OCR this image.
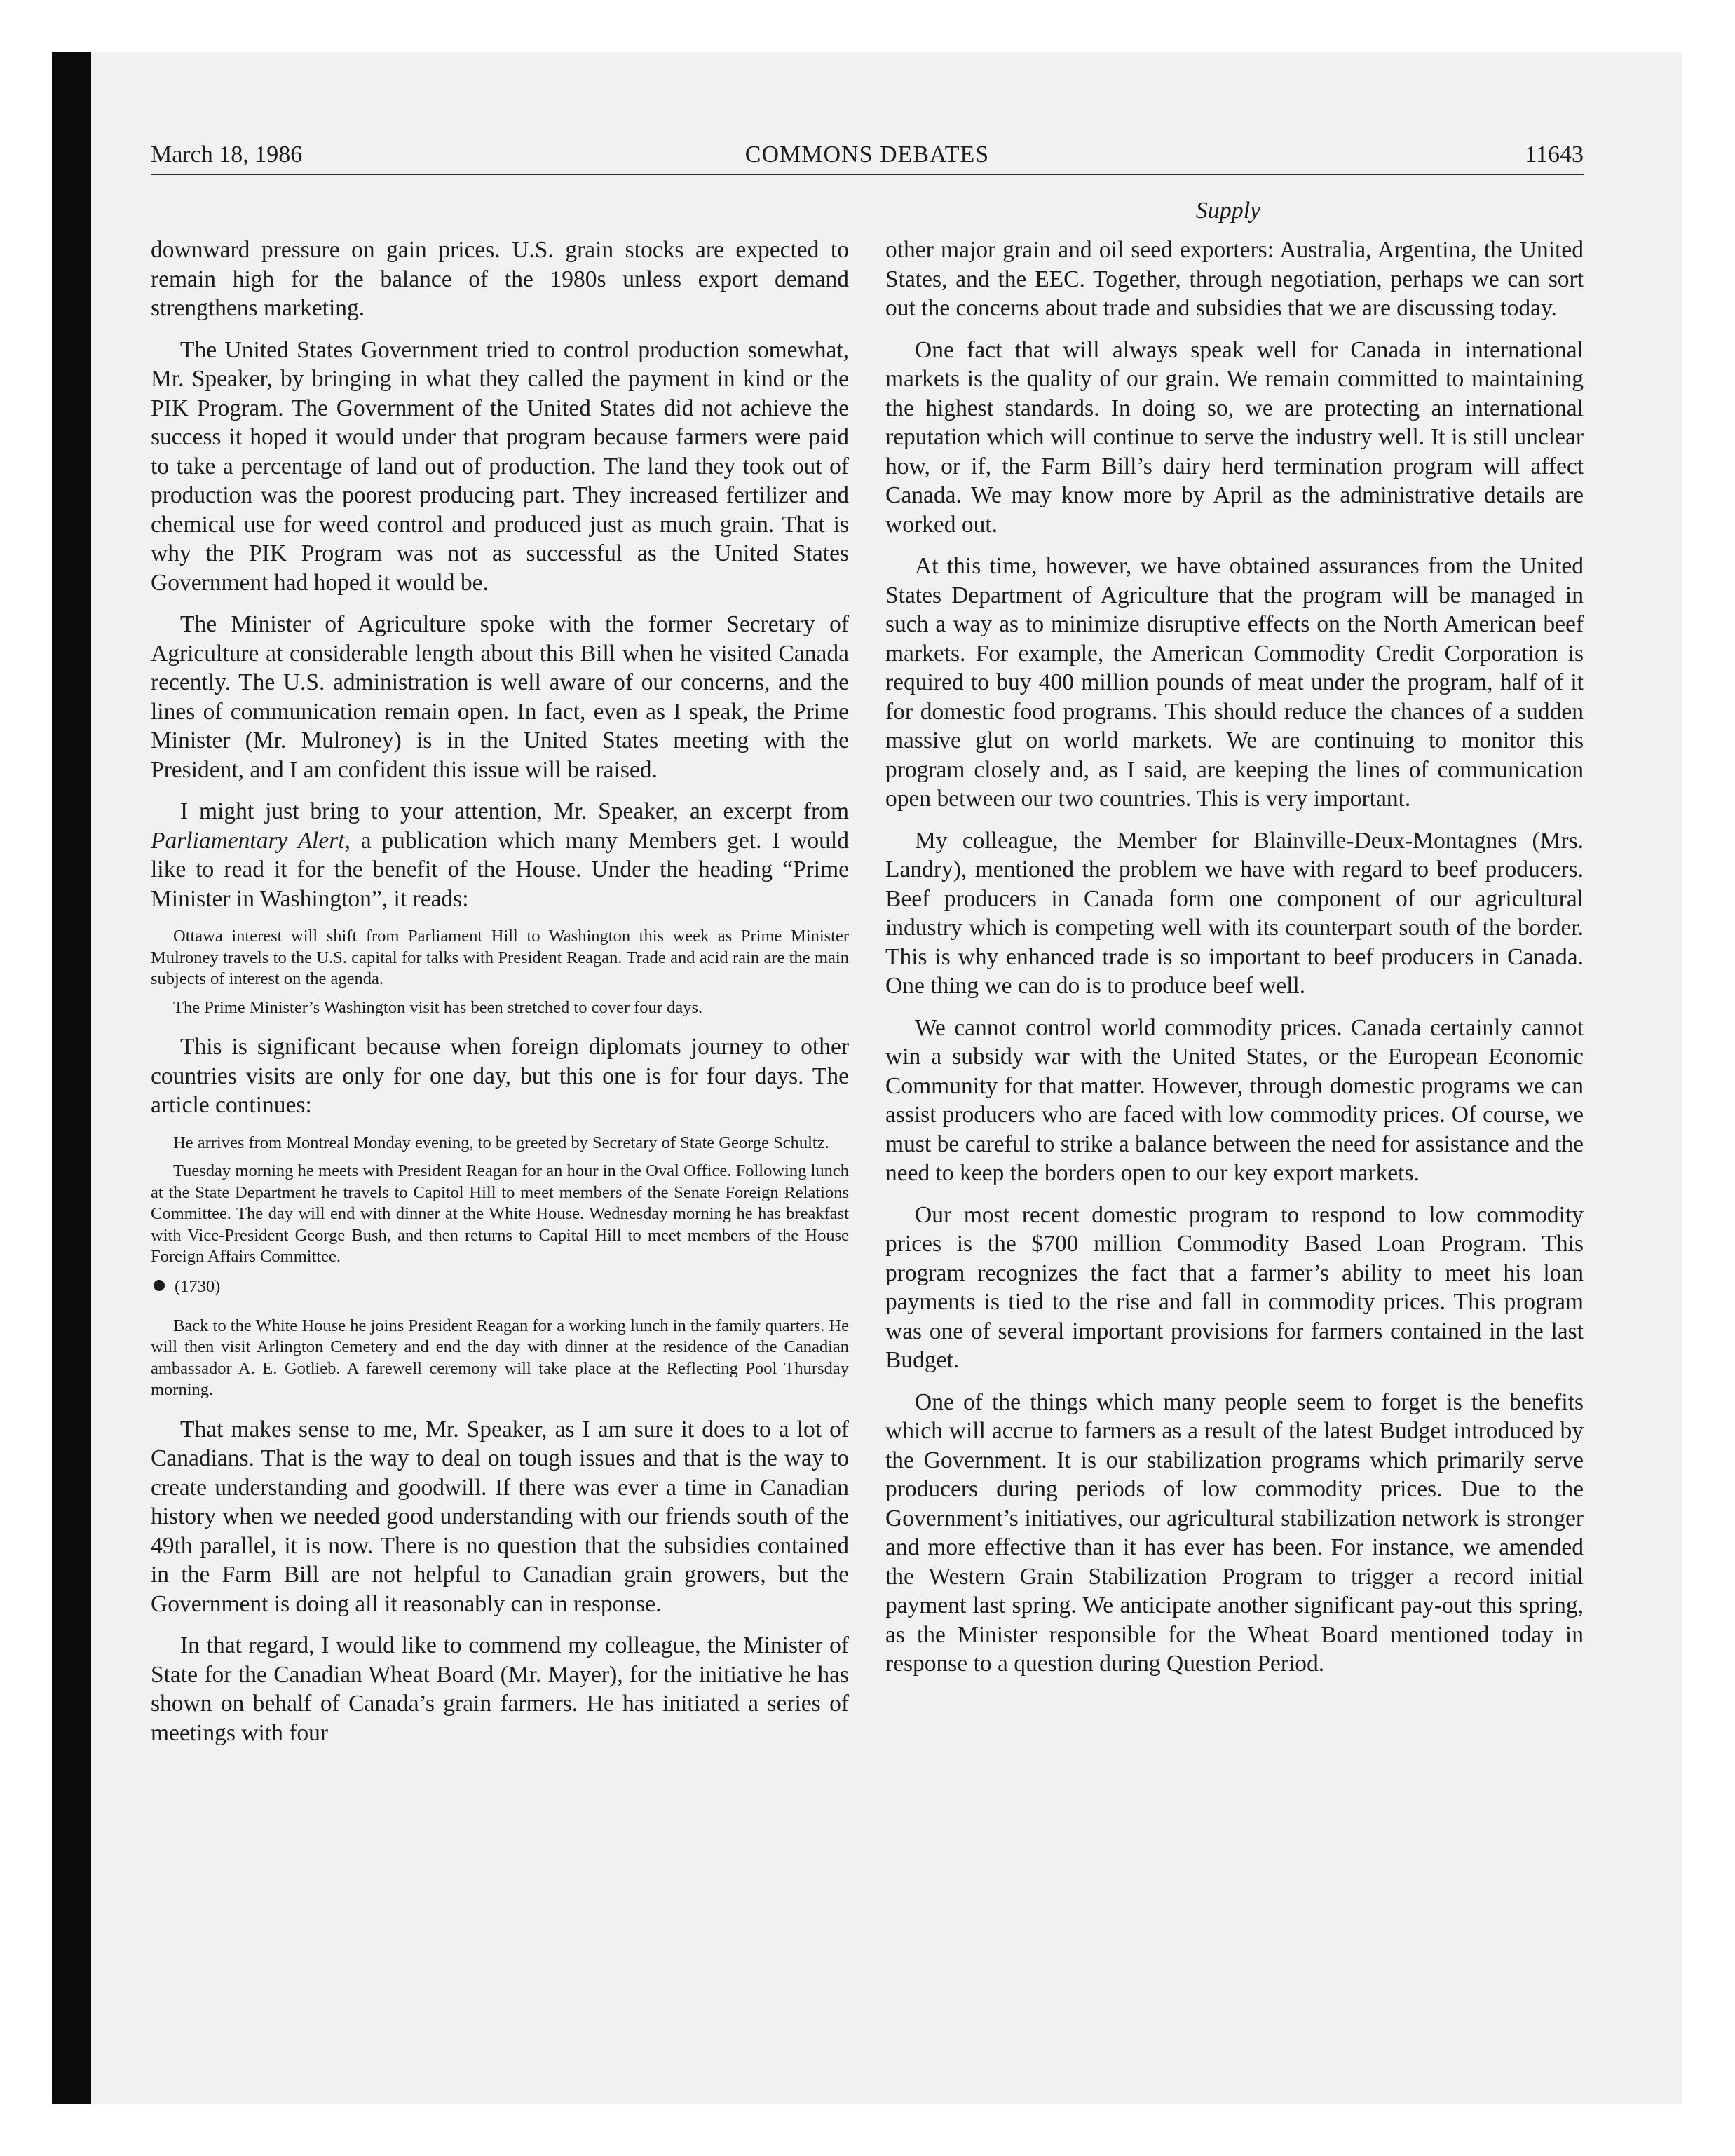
March 18, 1986	COMMONS DEBATES	11643
Supply

downward pressure on gain prices. U.S. grain stocks are expected to remain high for the balance of the 1980s unless export demand strengthens marketing.

The United States Government tried to control production somewhat, Mr. Speaker, by bringing in what they called the payment in kind or the PIK Program. The Government of the United States did not achieve the success it hoped it would under that program because farmers were paid to take a percentage of land out of production. The land they took out of production was the poorest producing part. They increased fertilizer and chemical use for weed control and produced just as much grain. That is why the PIK Program was not as successful as the United States Government had hoped it would be.

The Minister of Agriculture spoke with the former Secretary of Agriculture at considerable length about this Bill when he visited Canada recently. The U.S. administration is well aware of our concerns, and the lines of communication remain open. In fact, even as I speak, the Prime Minister (Mr. Mulroney) is in the United States meeting with the President, and I am confident this issue will be raised.

I might just bring to your attention, Mr. Speaker, an excerpt from Parliamentary Alert, a publication which many Members get. I would like to read it for the benefit of the House. Under the heading “Prime Minister in Washington”, it reads:

Ottawa interest will shift from Parliament Hill to Washington this week as Prime Minister Mulroney travels to the U.S. capital for talks with President Reagan. Trade and acid rain are the main subjects of interest on the agenda.

The Prime Minister’s Washington visit has been stretched to cover four days.

This is significant because when foreign diplomats journey to other countries visits are only for one day, but this one is for four days. The article continues:

He arrives from Montreal Monday evening, to be greeted by Secretary of State George Schultz.

Tuesday morning he meets with President Reagan for an hour in the Oval Office. Following lunch at the State Department he travels to Capitol Hill to meet members of the Senate Foreign Relations Committee. The day will end with dinner at the White House. Wednesday morning he has breakfast with Vice-President George Bush, and then returns to Capital Hill to meet members of the House Foreign Affairs Committee.

(1730)

Back to the White House he joins President Reagan for a working lunch in the family quarters. He will then visit Arlington Cemetery and end the day with dinner at the residence of the Canadian ambassador A. E. Gotlieb. A farewell ceremony will take place at the Reflecting Pool Thursday morning.

That makes sense to me, Mr. Speaker, as I am sure it does to a lot of Canadians. That is the way to deal on tough issues and that is the way to create understanding and goodwill. If there was ever a time in Canadian history when we needed good understanding with our friends south of the 49th parallel, it is now. There is no question that the subsidies contained in the Farm Bill are not helpful to Canadian grain growers, but the Government is doing all it reasonably can in response.

In that regard, I would like to commend my colleague, the Minister of State for the Canadian Wheat Board (Mr. Mayer), for the initiative he has shown on behalf of Canada’s grain farmers. He has initiated a series of meetings with four

other major grain and oil seed exporters: Australia, Argentina, the United States, and the EEC. Together, through negotiation, perhaps we can sort out the concerns about trade and subsidies that we are discussing today.

One fact that will always speak well for Canada in international markets is the quality of our grain. We remain committed to maintaining the highest standards. In doing so, we are protecting an international reputation which will continue to serve the industry well. It is still unclear how, or if, the Farm Bill’s dairy herd termination program will affect Canada. We may know more by April as the administrative details are worked out.

At this time, however, we have obtained assurances from the United States Department of Agriculture that the program will be managed in such a way as to minimize disruptive effects on the North American beef markets. For example, the American Commodity Credit Corporation is required to buy 400 million pounds of meat under the program, half of it for domestic food programs. This should reduce the chances of a sudden massive glut on world markets. We are continuing to monitor this program closely and, as I said, are keeping the lines of communication open between our two countries. This is very important.

My colleague, the Member for Blainville-Deux-Montagnes (Mrs. Landry), mentioned the problem we have with regard to beef producers. Beef producers in Canada form one component of our agricultural industry which is competing well with its counterpart south of the border. This is why enhanced trade is so important to beef producers in Canada. One thing we can do is to produce beef well.

We cannot control world commodity prices. Canada certainly cannot win a subsidy war with the United States, or the European Economic Community for that matter. However, through domestic programs we can assist producers who are faced with low commodity prices. Of course, we must be careful to strike a balance between the need for assistance and the need to keep the borders open to our key export markets.

Our most recent domestic program to respond to low commodity prices is the $700 million Commodity Based Loan Program. This program recognizes the fact that a farmer’s ability to meet his loan payments is tied to the rise and fall in commodity prices. This program was one of several important provisions for farmers contained in the last Budget.

One of the things which many people seem to forget is the benefits which will accrue to farmers as a result of the latest Budget introduced by the Government. It is our stabilization programs which primarily serve producers during periods of low commodity prices. Due to the Government’s initiatives, our agricultural stabilization network is stronger and more effective than it has ever has been. For instance, we amended the Western Grain Stabilization Program to trigger a record initial payment last spring. We anticipate another significant pay-out this spring, as the Minister responsible for the Wheat Board mentioned today in response to a question during Question Period.
